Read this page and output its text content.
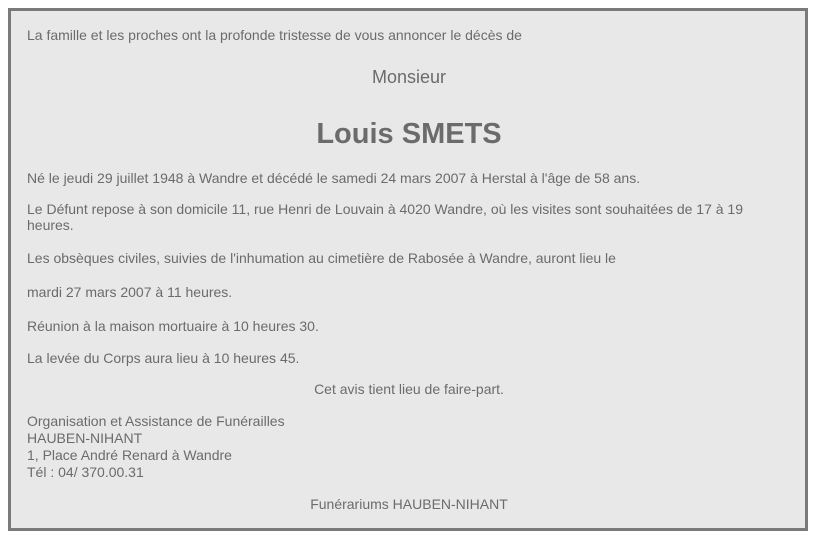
La famille et les proches ont la profonde tristesse de vous annoncer le décès de
Monsieur
Louis SMETS
Né le jeudi 29 juillet 1948 à Wandre et décédé le samedi 24 mars 2007 à Herstal à l'âge de 58 ans.
Le Défunt repose à son domicile 11, rue Henri de Louvain à 4020 Wandre, où les visites sont souhaitées de 17 à 19 heures.
Les obsèques civiles, suivies de l'inhumation au cimetière de Rabosée à Wandre, auront lieu le
mardi 27 mars 2007 à 11 heures.
Réunion à la maison mortuaire à 10 heures 30.
La levée du Corps aura lieu à 10 heures 45.
Cet avis tient lieu de faire-part.
Organisation et Assistance de Funérailles
HAUBEN-NIHANT
1, Place André Renard à Wandre
Tél : 04/ 370.00.31
Funérariums HAUBEN-NIHANT
